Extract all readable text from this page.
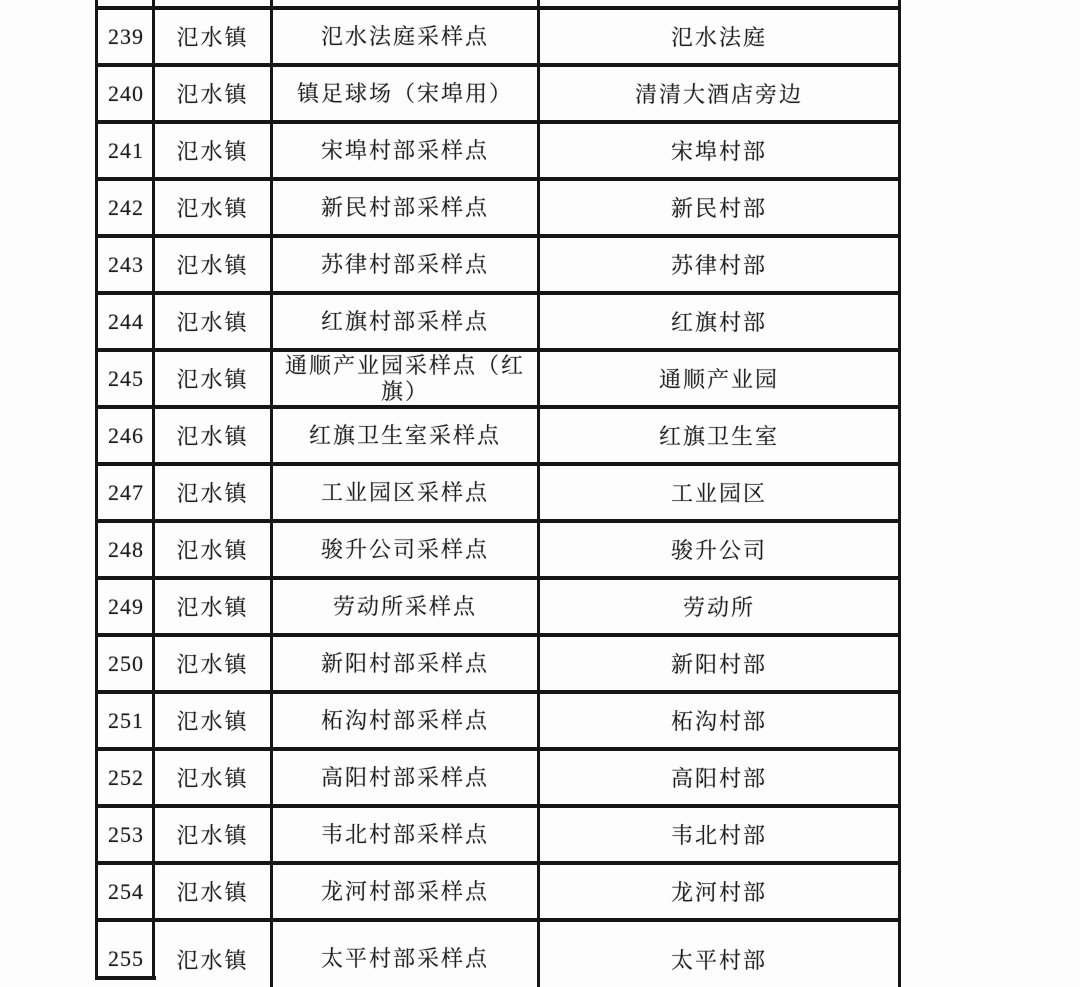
239	氾水镇	氾水法庭采样点	氾水法庭
240	氾水镇	镇足球场（宋埠用）	清清大酒店旁边
241	氾水镇	宋埠村部采样点	宋埠村部
242	氾水镇	新民村部采样点	新民村部
243	氾水镇	苏律村部采样点	苏律村部
244	氾水镇	红旗村部采样点	红旗村部
245	氾水镇	通顺产业园采样点（红旗）	通顺产业园
246	氾水镇	红旗卫生室采样点	红旗卫生室
247	氾水镇	工业园区采样点	工业园区
248	氾水镇	骏升公司采样点	骏升公司
249	氾水镇	劳动所采样点	劳动所
250	氾水镇	新阳村部采样点	新阳村部
251	氾水镇	柘沟村部采样点	柘沟村部
252	氾水镇	高阳村部采样点	高阳村部
253	氾水镇	韦北村部采样点	韦北村部
254	氾水镇	龙河村部采样点	龙河村部
255	氾水镇	太平村部采样点	太平村部
